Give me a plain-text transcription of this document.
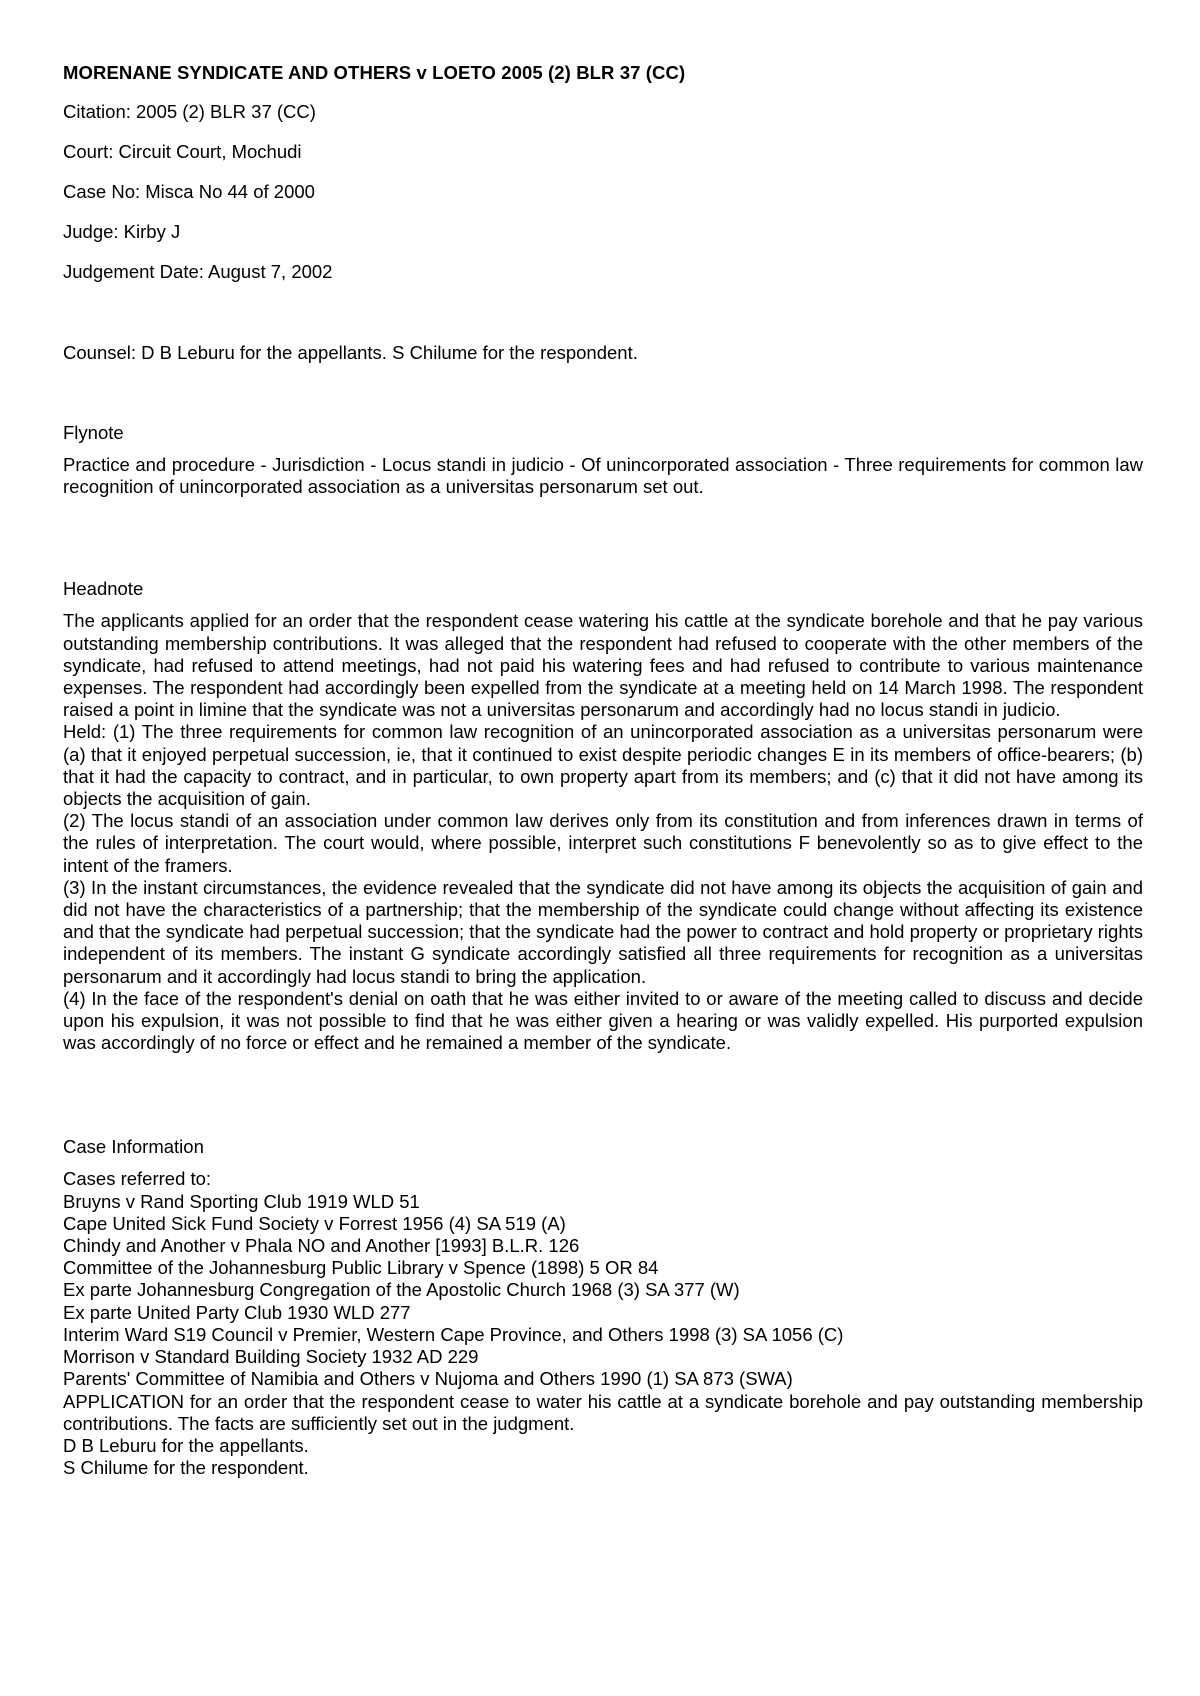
MORENANE SYNDICATE AND OTHERS v LOETO 2005 (2) BLR 37 (CC)
Citation: 2005 (2) BLR 37 (CC)
Court: Circuit Court, Mochudi
Case No: Misca No 44 of 2000
Judge: Kirby J
Judgement Date: August 7, 2002
Counsel: D B Leburu for the appellants. S Chilume for the respondent.
Flynote

Practice and procedure - Jurisdiction - Locus standi in judicio - Of unincorporated association - Three requirements for common law recognition of unincorporated association as a universitas personarum set out.

Headnote

The applicants applied for an order that the respondent cease watering his cattle at the syndicate borehole and that he pay various outstanding membership contributions. It was alleged that the respondent had refused to cooperate with the other members of the syndicate, had refused to attend meetings, had not paid his watering fees and had refused to contribute to various maintenance expenses. The respondent had accordingly been expelled from the syndicate at a meeting held on 14 March 1998. The respondent raised a point in limine that the syndicate was not a universitas personarum and accordingly had no locus standi in judicio.

Held: (1) The three requirements for common law recognition of an unincorporated association as a universitas personarum were (a) that it enjoyed perpetual succession, ie, that it continued to exist despite periodic changes E in its members of office-bearers; (b) that it had the capacity to contract, and in particular, to own property apart from its members; and (c) that it did not have among its objects the acquisition of gain.

(2) The locus standi of an association under common law derives only from its constitution and from inferences drawn in terms of the rules of interpretation. The court would, where possible, interpret such constitutions F benevolently so as to give effect to the intent of the framers.

(3) In the instant circumstances, the evidence revealed that the syndicate did not have among its objects the acquisition of gain and did not have the characteristics of a partnership; that the membership of the syndicate could change without affecting its existence and that the syndicate had perpetual succession; that the syndicate had the power to contract and hold property or proprietary rights independent of its members. The instant G syndicate accordingly satisfied all three requirements for recognition as a universitas personarum and it accordingly had locus standi to bring the application.

(4) In the face of the respondent's denial on oath that he was either invited to or aware of the meeting called to discuss and decide upon his expulsion, it was not possible to find that he was either given a hearing or was validly expelled. His purported expulsion was accordingly of no force or effect and he remained a member of the syndicate.

Case Information
Cases referred to:
Bruyns v Rand Sporting Club 1919 WLD 51
Cape United Sick Fund Society v Forrest 1956 (4) SA 519 (A)
Chindy and Another v Phala NO and Another [1993] B.L.R. 126
Committee of the Johannesburg Public Library v Spence (1898) 5 OR 84
Ex parte Johannesburg Congregation of the Apostolic Church 1968 (3) SA 377 (W)
Ex parte United Party Club 1930 WLD 277
Interim Ward S19 Council v Premier, Western Cape Province, and Others 1998 (3) SA 1056 (C)
Morrison v Standard Building Society 1932 AD 229
Parents' Committee of Namibia and Others v Nujoma and Others 1990 (1) SA 873 (SWA)

APPLICATION for an order that the respondent cease to water his cattle at a syndicate borehole and pay outstanding membership contributions. The facts are sufficiently set out in the judgment.

D B Leburu for the appellants.
S Chilume for the respondent.
